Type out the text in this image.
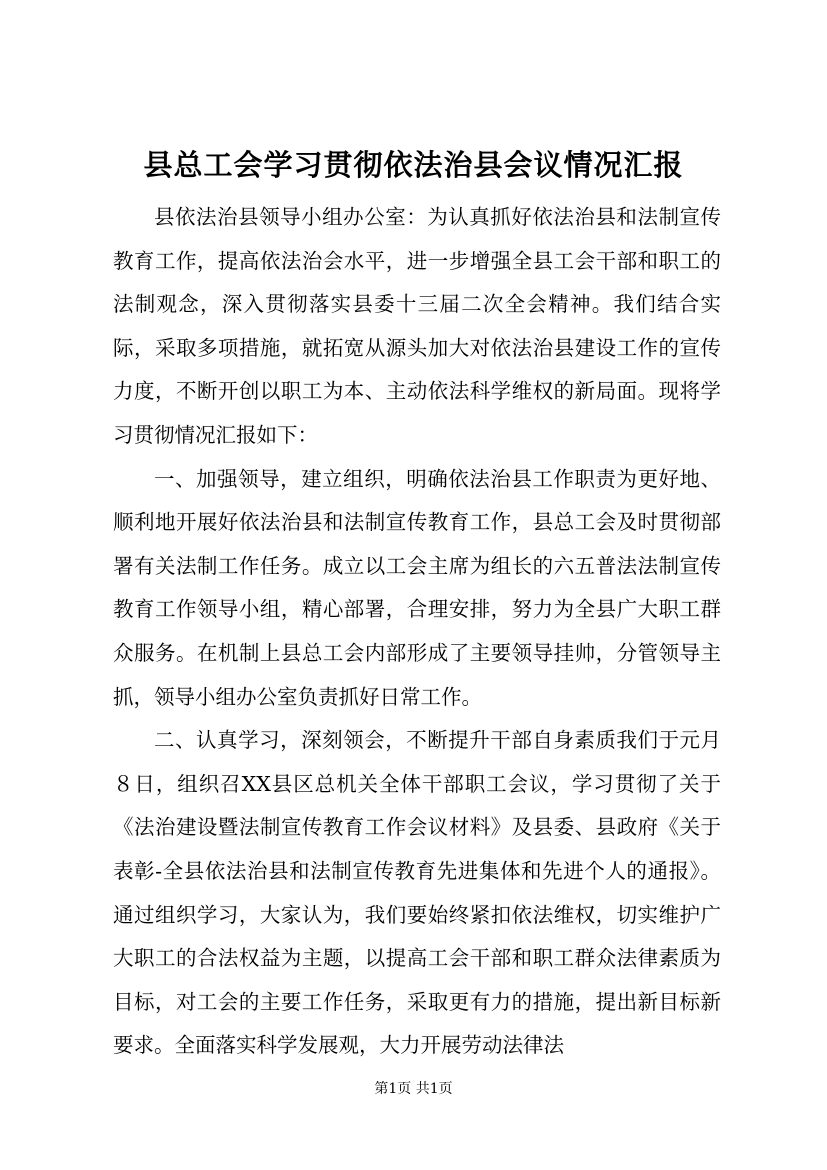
县总工会学习贯彻依法治县会议情况汇报

县依法治县领导小组办公室：为认真抓好依法治县和法制宣传教育工作，提高依法治会水平，进一步增强全县工会干部和职工的法制观念，深入贯彻落实县委十三届二次全会精神。我们结合实际，采取多项措施，就拓宽从源头加大对依法治县建设工作的宣传力度，不断开创以职工为本、主动依法科学维权的新局面。现将学习贯彻情况汇报如下：

一、加强领导，建立组织，明确依法治县工作职责为更好地、顺利地开展好依法治县和法制宣传教育工作，县总工会及时贯彻部署有关法制工作任务。成立以工会主席为组长的六五普法法制宣传教育工作领导小组，精心部署，合理安排，努力为全县广大职工群众服务。在机制上县总工会内部形成了主要领导挂帅，分管领导主抓，领导小组办公室负责抓好日常工作。

二、认真学习，深刻领会，不断提升干部自身素质我们于元月８日，组织召XX县区总机关全体干部职工会议，学习贯彻了关于《法治建设暨法制宣传教育工作会议材料》及县委、县政府《关于表彰-全县依法治县和法制宣传教育先进集体和先进个人的通报》。通过组织学习，大家认为，我们要始终紧扣依法维权，切实维护广大职工的合法权益为主题，以提高工会干部和职工群众法律素质为目标，对工会的主要工作任务，采取更有力的措施，提出新目标新要求。全面落实科学发展观，大力开展劳动法律法

第1页 共1页
